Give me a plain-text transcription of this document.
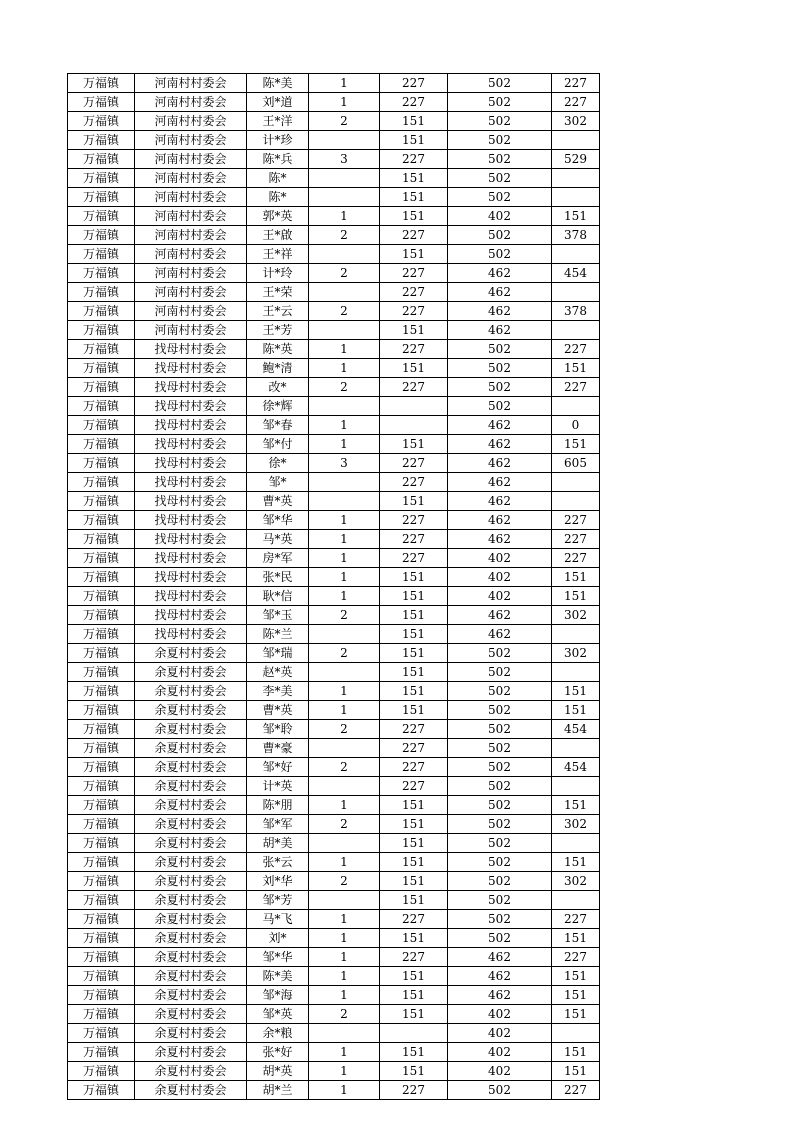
万福镇	河南村村委会	陈*美	1	227	502	227
万福镇	河南村村委会	刘*道	1	227	502	227
万福镇	河南村村委会	王*洋	2	151	502	302
万福镇	河南村村委会	计*珍		151	502	
万福镇	河南村村委会	陈*兵	3	227	502	529
万福镇	河南村村委会	陈*		151	502	
万福镇	河南村村委会	陈*		151	502	
万福镇	河南村村委会	郭*英	1	151	402	151
万福镇	河南村村委会	王*啟	2	227	502	378
万福镇	河南村村委会	王*祥		151	502	
万福镇	河南村村委会	计*玲	2	227	462	454
万福镇	河南村村委会	王*荣		227	462	
万福镇	河南村村委会	王*云	2	227	462	378
万福镇	河南村村委会	王*芳		151	462	
万福镇	找母村村委会	陈*英	1	227	502	227
万福镇	找母村村委会	鲍*清	1	151	502	151
万福镇	找母村村委会	改*	2	227	502	227
万福镇	找母村村委会	徐*辉			502	
万福镇	找母村村委会	邹*春	1		462	0
万福镇	找母村村委会	邹*付	1	151	462	151
万福镇	找母村村委会	徐*	3	227	462	605
万福镇	找母村村委会	邹*		227	462	
万福镇	找母村村委会	曹*英		151	462	
万福镇	找母村村委会	邹*华	1	227	462	227
万福镇	找母村村委会	马*英	1	227	462	227
万福镇	找母村村委会	房*军	1	227	402	227
万福镇	找母村村委会	张*民	1	151	402	151
万福镇	找母村村委会	耿*信	1	151	402	151
万福镇	找母村村委会	邹*玉	2	151	462	302
万福镇	找母村村委会	陈*兰		151	462	
万福镇	余夏村村委会	邹*瑞	2	151	502	302
万福镇	余夏村村委会	赵*英		151	502	
万福镇	余夏村村委会	李*美	1	151	502	151
万福镇	余夏村村委会	曹*英	1	151	502	151
万福镇	余夏村村委会	邹*聆	2	227	502	454
万福镇	余夏村村委会	曹*豪		227	502	
万福镇	余夏村村委会	邹*好	2	227	502	454
万福镇	余夏村村委会	计*英		227	502	
万福镇	余夏村村委会	陈*朋	1	151	502	151
万福镇	余夏村村委会	邹*军	2	151	502	302
万福镇	余夏村村委会	胡*美		151	502	
万福镇	余夏村村委会	张*云	1	151	502	151
万福镇	余夏村村委会	刘*华	2	151	502	302
万福镇	余夏村村委会	邹*芳		151	502	
万福镇	余夏村村委会	马*飞	1	227	502	227
万福镇	余夏村村委会	刘*	1	151	502	151
万福镇	余夏村村委会	邹*华	1	227	462	227
万福镇	余夏村村委会	陈*美	1	151	462	151
万福镇	余夏村村委会	邹*海	1	151	462	151
万福镇	余夏村村委会	邹*英	2	151	402	151
万福镇	余夏村村委会	余*粮			402	
万福镇	余夏村村委会	张*好	1	151	402	151
万福镇	余夏村村委会	胡*英	1	151	402	151
万福镇	余夏村村委会	胡*兰	1	227	502	227
